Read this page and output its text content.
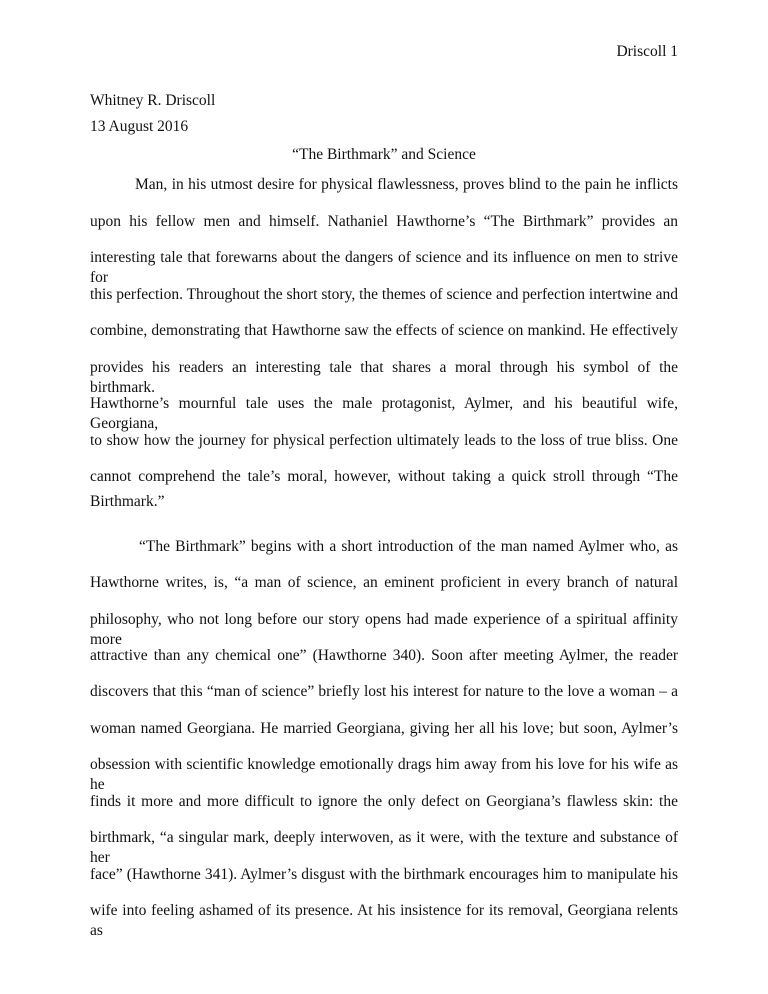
Driscoll 1
Whitney R. Driscoll
13 August 2016
“The Birthmark” and Science
Man, in his utmost desire for physical flawlessness, proves blind to the pain he inflicts
upon his fellow men and himself. Nathaniel Hawthorne’s “The Birthmark” provides an
interesting tale that forewarns about the dangers of science and its influence on men to strive for
this perfection. Throughout the short story, the themes of science and perfection intertwine and
combine, demonstrating that Hawthorne saw the effects of science on mankind. He effectively
provides his readers an interesting tale that shares a moral through his symbol of the birthmark.
Hawthorne’s mournful tale uses the male protagonist, Aylmer, and his beautiful wife, Georgiana,
to show how the journey for physical perfection ultimately leads to the loss of true bliss. One
cannot comprehend the tale’s moral, however, without taking a quick stroll through “The
Birthmark.”
“The Birthmark” begins with a short introduction of the man named Aylmer who, as
Hawthorne writes, is, “a man of science, an eminent proficient in every branch of natural
philosophy, who not long before our story opens had made experience of a spiritual affinity more
attractive than any chemical one” (Hawthorne 340). Soon after meeting Aylmer, the reader
discovers that this “man of science” briefly lost his interest for nature to the love a woman – a
woman named Georgiana. He married Georgiana, giving her all his love; but soon, Aylmer’s
obsession with scientific knowledge emotionally drags him away from his love for his wife as he
finds it more and more difficult to ignore the only defect on Georgiana’s flawless skin: the
birthmark, “a singular mark, deeply interwoven, as it were, with the texture and substance of her
face” (Hawthorne 341). Aylmer’s disgust with the birthmark encourages him to manipulate his
wife into feeling ashamed of its presence. At his insistence for its removal, Georgiana relents as
